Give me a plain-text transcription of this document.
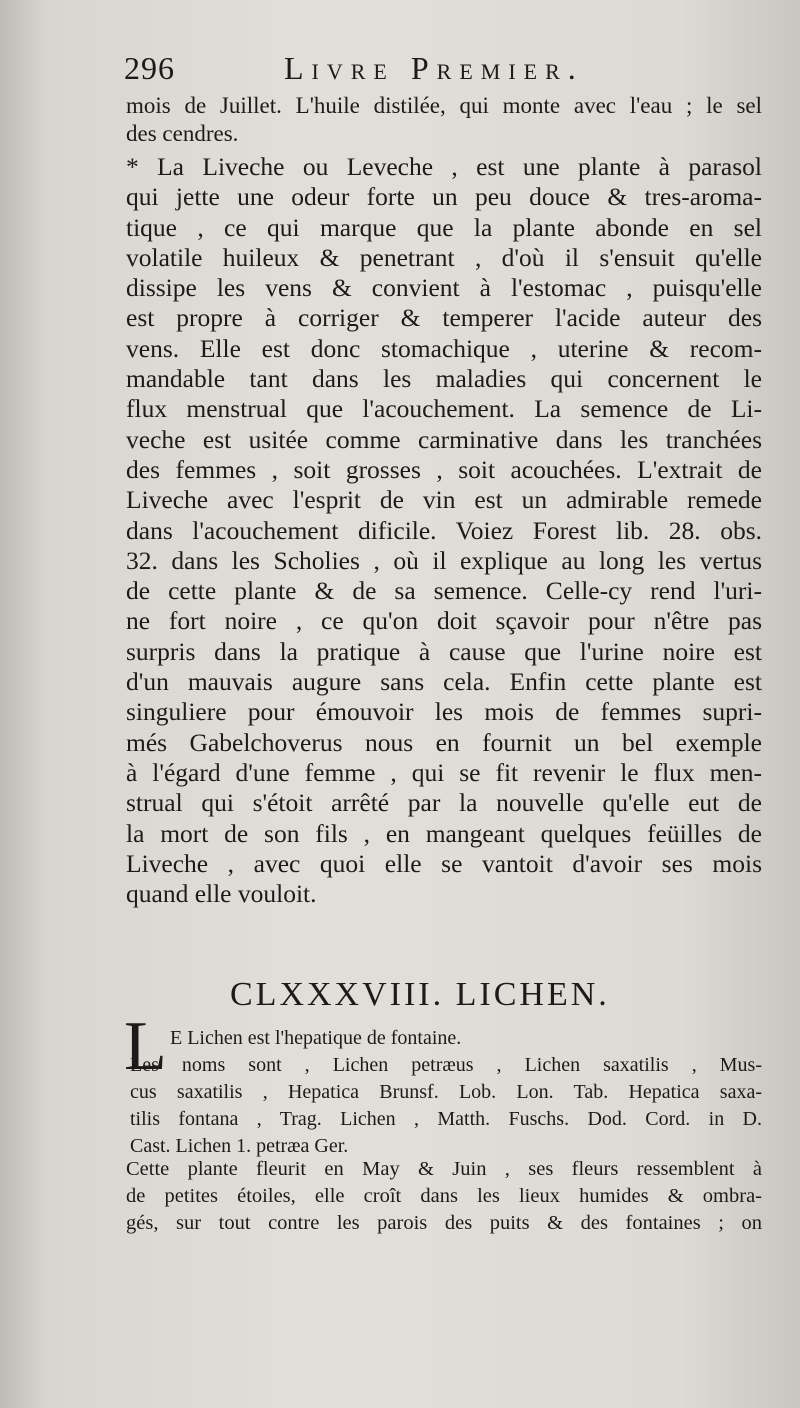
296	Livre Premier.
mois de Juillet. L'huile distilée, qui monte avec l'eau ; le sel
des cendres.
* La Liveche ou Leveche , est une plante à parasol
qui jette une odeur forte un peu douce & tres-aroma-
tique , ce qui marque que la plante abonde en sel
volatile huileux & penetrant , d'où il s'ensuit qu'elle
dissipe les vens & convient à l'estomac , puisqu'elle
est propre à corriger & temperer l'acide auteur des
vens. Elle est donc stomachique , uterine & recom-
mandable tant dans les maladies qui concernent le
flux menstrual que l'acouchement. La semence de Li-
veche est usitée comme carminative dans les tranchées
des femmes , soit grosses , soit acouchées. L'extrait de
Liveche avec l'esprit de vin est un admirable remede
dans l'acouchement dificile. Voiez Forest lib. 28. obs.
32. dans les Scholies , où il explique au long les vertus
de cette plante & de sa semence. Celle-cy rend l'uri-
ne fort noire , ce qu'on doit sçavoir pour n'être pas
surpris dans la pratique à cause que l'urine noire est
d'un mauvais augure sans cela. Enfin cette plante est
singuliere pour émouvoir les mois de femmes supri-
més Gabelchoverus nous en fournit un bel exemple
à l'égard d'une femme , qui se fit revenir le flux men-
strual qui s'étoit arrêté par la nouvelle qu'elle eut de
la mort de son fils , en mangeant quelques feüilles de
Liveche , avec quoi elle se vantoit d'avoir ses mois
quand elle vouloit.
CLXXXVIII. LICHEN.
L E Lichen est l'hepatique de fontaine.
Les noms sont , Lichen petræus , Lichen saxatilis , Mus-
cus saxatilis , Hepatica Brunsf. Lob. Lon. Tab. Hepatica saxa-
tilis fontana , Trag. Lichen , Matth. Fuschs. Dod. Cord. in D.
Cast. Lichen 1. petræa Ger.
Cette plante fleurit en May & Juin , ses fleurs ressemblent à
de petites étoiles, elle croît dans les lieux humides & ombra-
gés, sur tout contre les parois des puits & des fontaines ; on
